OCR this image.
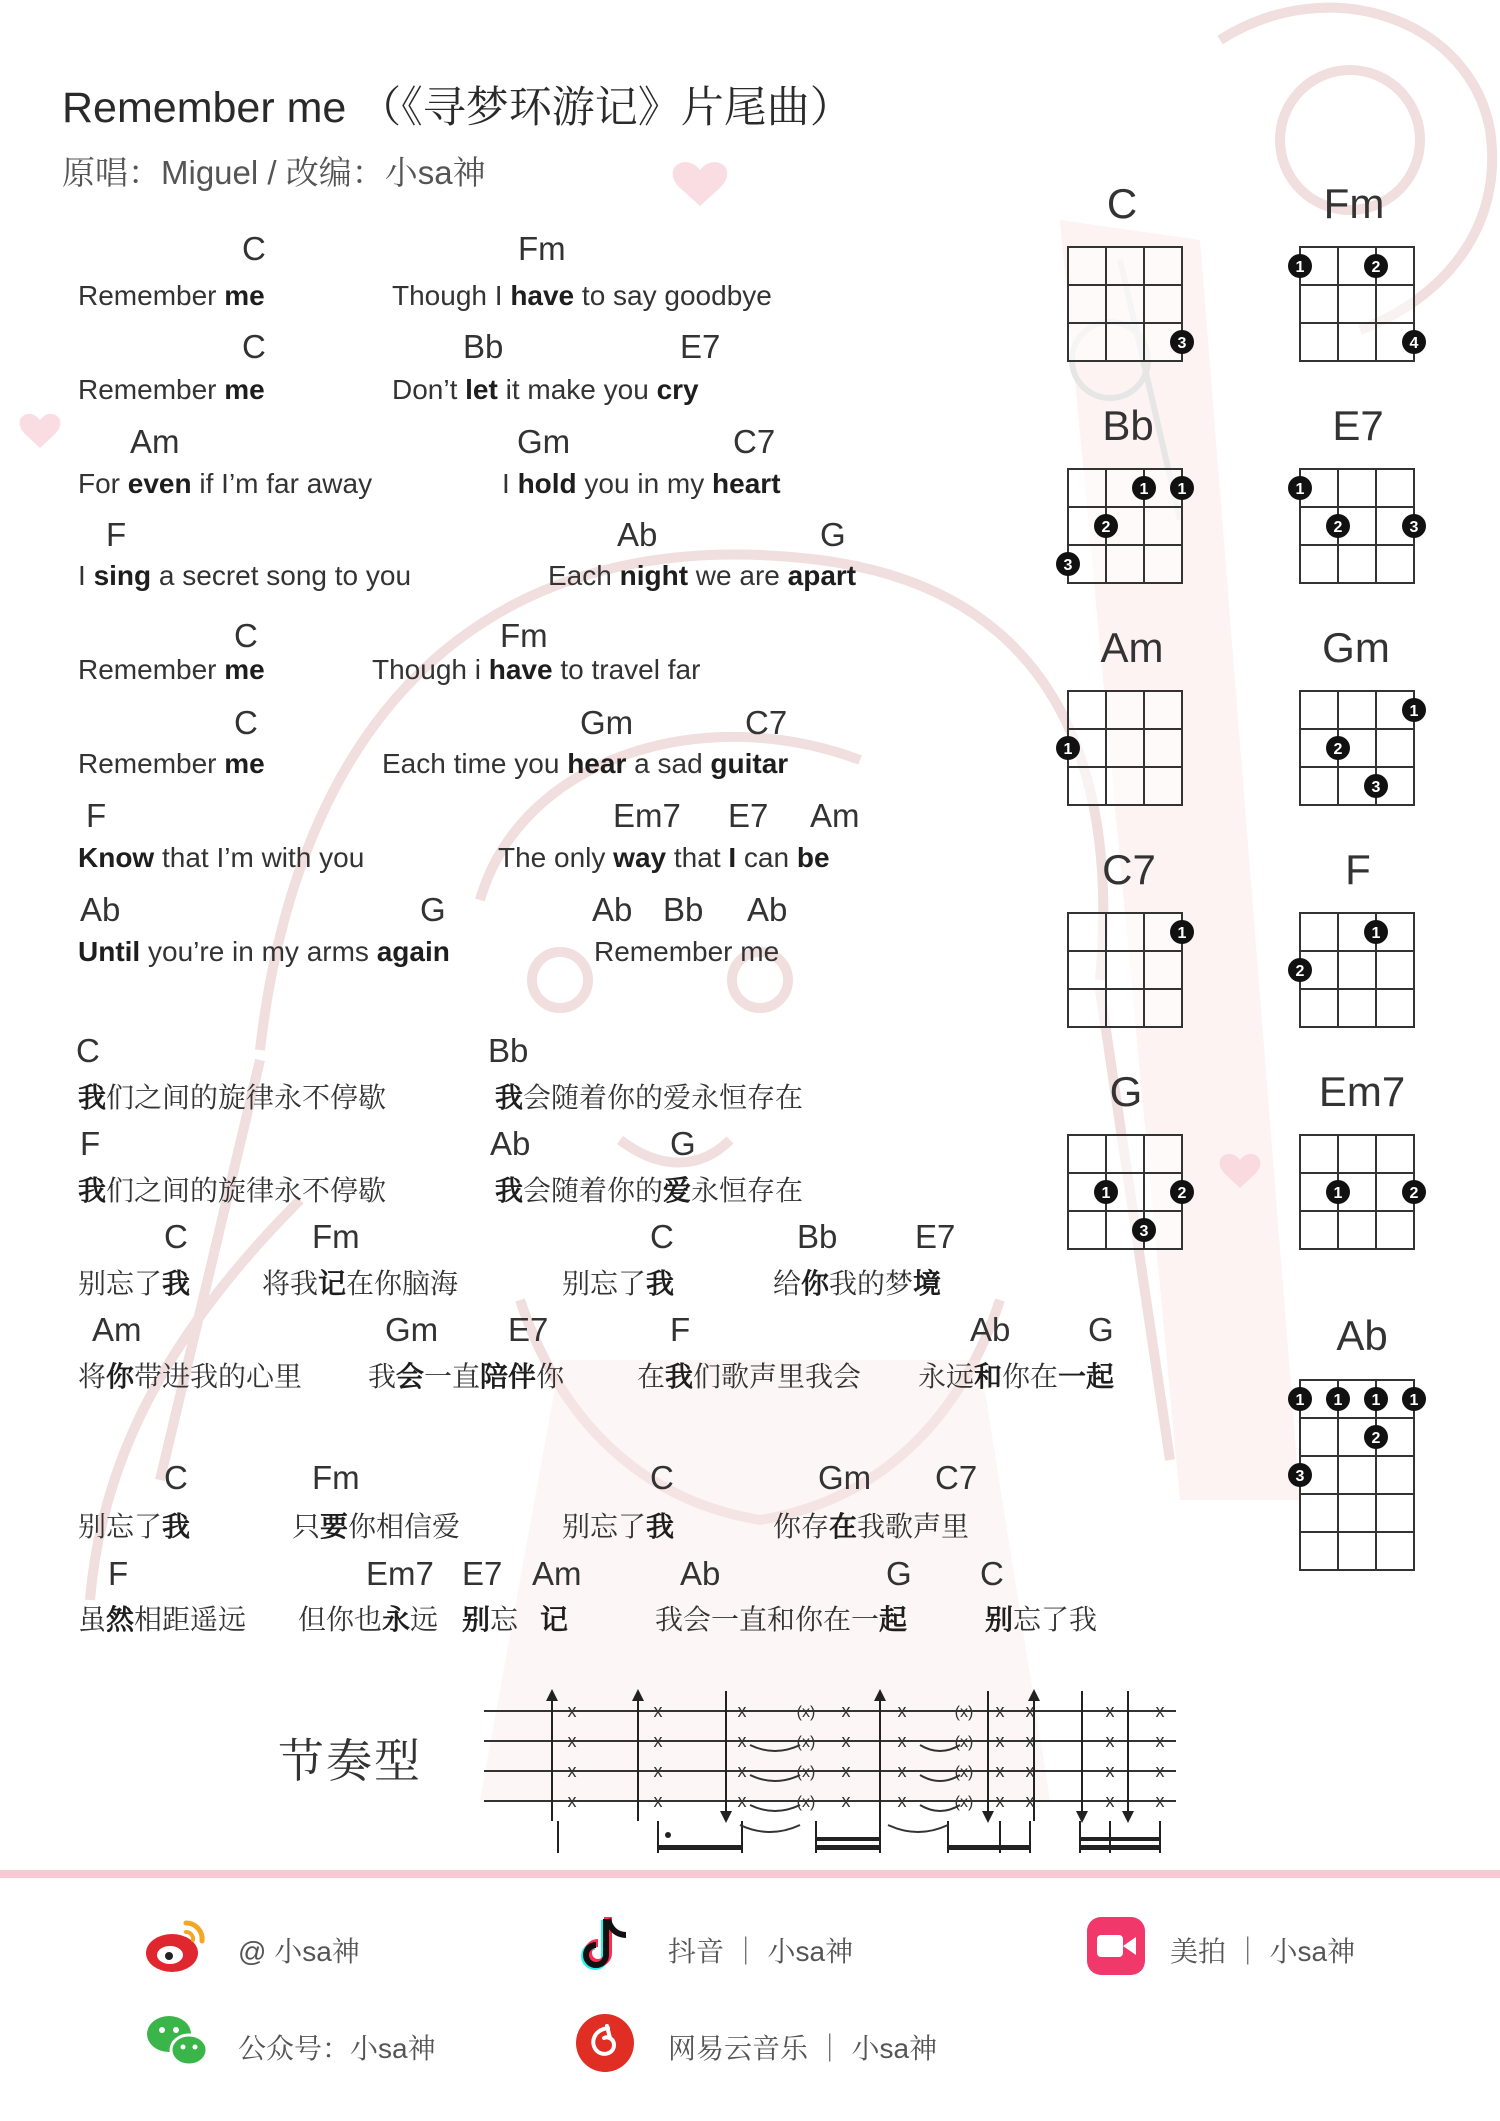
Remember me （《寻梦环游记》片尾曲）
原唱：Miguel / 改编：小sa神
C
Remember me
Fm
Though I have to say goodbye
C
Remember me
Bb
Don’t let it make you cry
E7
Am
For even if I’m far away
Gm
I hold you in my heart
C7
F
I sing a secret song to you
Ab
Each night we are apart
G
C
Remember me
Fm
Though i have to travel far
C
Remember me
Gm
Each time you hear a sad guitar
C7
F
Know that I’m with you
Em7
The only way that I can be
E7 Am
Ab
Until you’re in my arms again
G	Ab
Remember me
Bb Ab
C
我们之间的旋律永不停歇
Bb
我会随着你的爱永恒存在
F
我们之间的旋律永不停歇
Ab
我会随着你的爱永恒存在
G
C
别忘了我
Fm
将我记在你脑海
C
别忘了我
Bb
给你我的梦境
E7
Am
将你带进我的心里
Gm
我会一直陪伴你
E7	F
在我们歌声里我会
Ab
永远和你在一起
G
C
别忘了我
Fm
只要你相信爱
C
别忘了我
Gm
你存在我歌声里
C7
F
虽然相距遥远
Em7
但你也永远
E7
别忘
Am
记
Ab
我会一直和你在一起
G C
别忘了我
C	Fm
Bb	E7
Am	Gm
C7	F
G	Em7
Ab
3
1	2
4
1 1
2
3
1
2	3
1
1
2
3
1	1
2
1	2
3
1	2
1 1 1 1
2
3
节奏型
x	x	x	x	x	x x	x x
(x)	(x)
x	x	x	x	x	x x	x x
(x)	(x)
x	x	x	x	x	x x	x x
(x)	(x)
x	x	x	x	x	x x	x x
(x)	(x)
@ 小sa神	抖音 ｜ 小sa神	美拍 ｜ 小sa神
公众号：小sa神	网易云音乐 ｜ 小sa神
